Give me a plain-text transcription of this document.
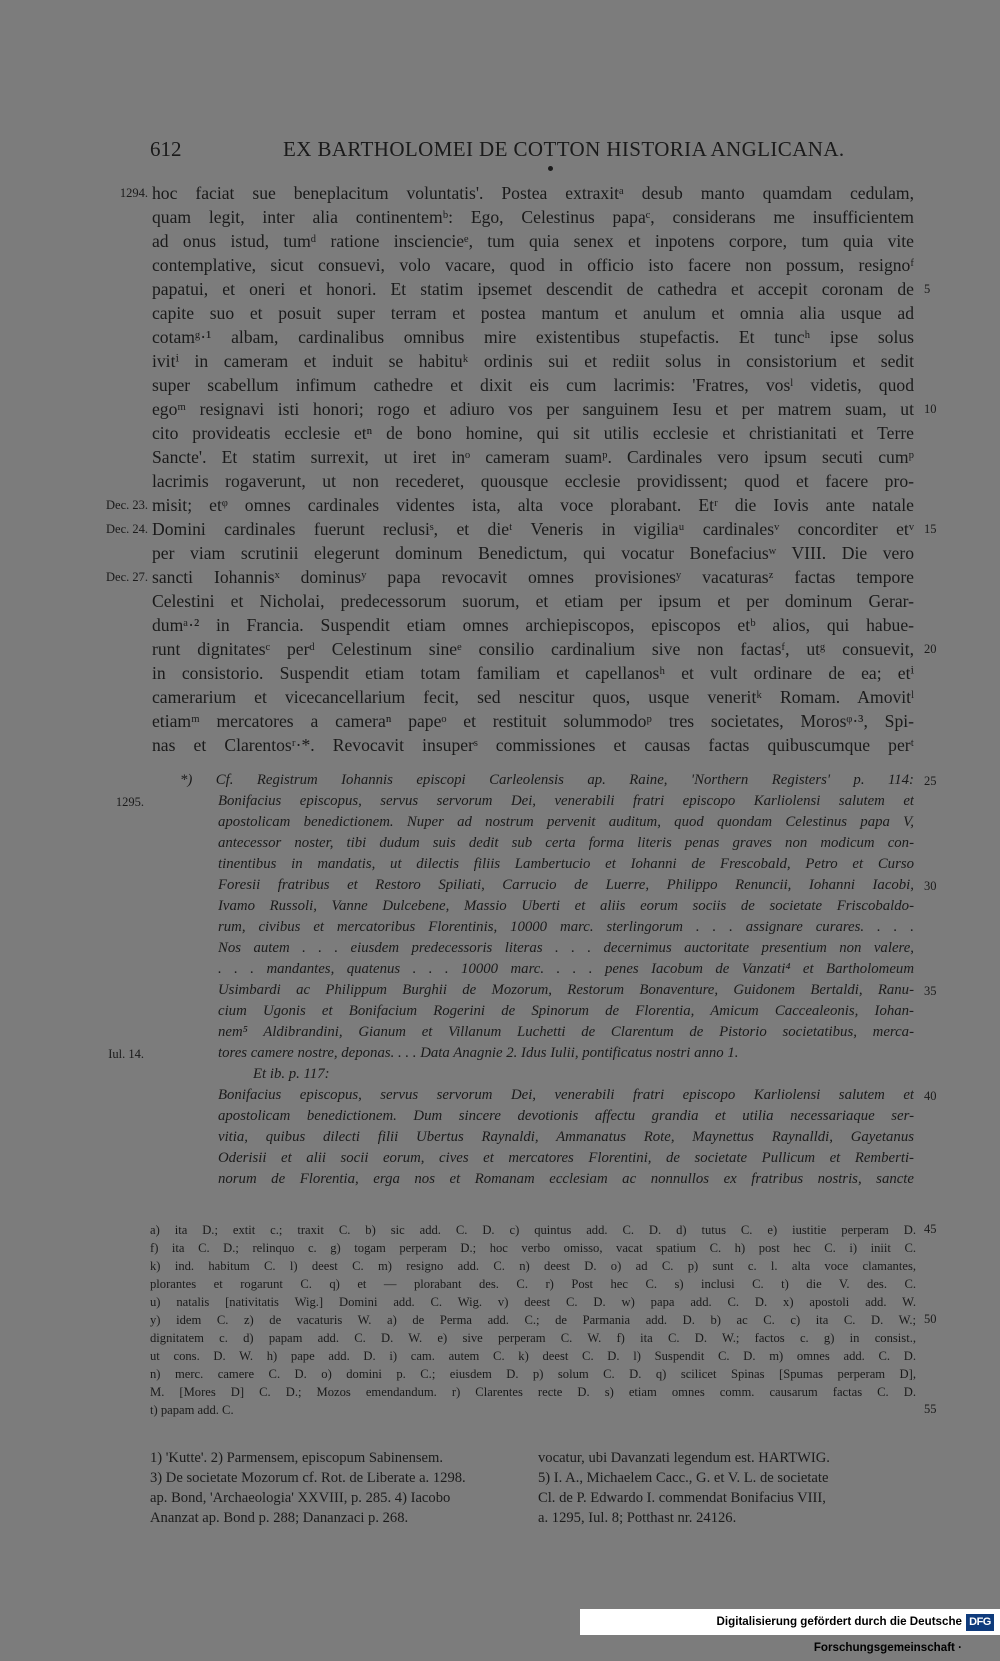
612	EX BARTHOLOMEI DE COTTON HISTORIA ANGLICANA.
hoc faciat sue beneplacitum voluntatis'. Postea extraxitᵃ desub manto quamdam cedulam,
quam legit, inter alia continentemᵇ: Ego, Celestinus papaᶜ, considerans me insufficientem
ad onus istud, tumᵈ ratione insciencieᵉ, tum quia senex et inpotens corpore, tum quia vite
contemplative, sicut consuevi, volo vacare, quod in officio isto facere non possum, resignoᶠ
papatui, et oneri et honori. Et statim ipsemet descendit de cathedra et accepit coronam de
capite suo et posuit super terram et postea mantum et anulum et omnia alia usque ad
cotamᵍ·¹ albam, cardinalibus omnibus mire existentibus stupefactis. Et tuncʰ ipse solus
ivitⁱ in cameram et induit se habituᵏ ordinis sui et rediit solus in consistorium et sedit
super scabellum infimum cathedre et dixit eis cum lacrimis: 'Fratres, vosˡ videtis, quod
egoᵐ resignavi isti honori; rogo et adiuro vos per sanguinem Iesu et per matrem suam, ut
cito provideatis ecclesie etⁿ de bono homine, qui sit utilis ecclesie et christianitati et Terre
Sancte'. Et statim surrexit, ut iret inᵒ cameram suamᵖ. Cardinales vero ipsum secuti cumᵖ
lacrimis rogaverunt, ut non recederet, quousque ecclesie providissent; quod et facere pro-
misit; etᵠ omnes cardinales videntes ista, alta voce plorabant. Etʳ die Iovis ante natale
Domini cardinales fuerunt reclusiˢ, et dieᵗ Veneris in vigiliaᵘ cardinalesᵛ concorditer etᵛ
per viam scrutinii elegerunt dominum Benedictum, qui vocatur Bonefaciusʷ VIII. Die vero
sancti Iohannisˣ dominusʸ papa revocavit omnes provisionesʸ vacaturasᶻ factas tempore
Celestini et Nicholai, predecessorum suorum, et etiam per ipsum et per dominum Gerar-
dumᵃ·² in Francia. Suspendit etiam omnes archiepiscopos, episcopos etᵇ alios, qui habue-
runt dignitatesᶜ perᵈ Celestinum sineᵉ consilio cardinalium sive non factasᶠ, utᵍ consuevit,
in consistorio. Suspendit etiam totam familiam et capellanosʰ et vult ordinare de ea; etⁱ
camerarium et vicecancellarium fecit, sed nescitur quos, usque veneritᵏ Romam. Amovitˡ
etiamᵐ mercatores a cameraⁿ papeᵒ et restituit solummodoᵖ tres societates, Morosᵠ·³, Spi-
nas et Clarentosʳ·*. Revocavit insuperˢ commissiones et causas factas quibuscumque perᵗ
1294.
Dec. 23.
Dec. 24.
Dec. 27.
5
10
15
20
*) Cf. Registrum Iohannis episcopi Carleolensis ap. Raine, 'Northern Registers' p. 114:
Bonifacius episcopus, servus servorum Dei, venerabili fratri episcopo Karliolensi salutem et
apostolicam benedictionem. Nuper ad nostrum pervenit auditum, quod quondam Celestinus papa V,
antecessor noster, tibi dudum suis dedit sub certa forma literis penas graves non modicum con-
tinentibus in mandatis, ut dilectis filiis Lambertucio et Iohanni de Frescobald, Petro et Curso
Foresii fratribus et Restoro Spiliati, Carrucio de Luerre, Philippo Renuncii, Iohanni Iacobi,
Ivamo Russoli, Vanne Dulcebene, Massio Uberti et aliis eorum sociis de societate Friscobaldo-
rum, civibus et mercatoribus Florentinis, 10000 marc. sterlingorum . . . assignare curares. . . .
Nos autem . . . eiusdem predecessoris literas . . . decernimus auctoritate presentium non valere,
. . . mandantes, quatenus . . . 10000 marc. . . . penes Iacobum de Vanzati⁴ et Bartholomeum
Usimbardi ac Philippum Burghii de Mozorum, Restorum Bonaventure, Guidonem Bertaldi, Ranu-
cium Ugonis et Bonifacium Rogerini de Spinorum de Florentia, Amicum Caccealeonis, Iohan-
nem⁵ Aldibrandini, Gianum et Villanum Luchetti de Clarentum de Pistorio societatibus, merca-
tores camere nostre, deponas. . . . Data Anagnie 2. Idus Iulii, pontificatus nostri anno 1.
Et ib. p. 117:
Bonifacius episcopus, servus servorum Dei, venerabili fratri episcopo Karliolensi salutem et
apostolicam benedictionem. Dum sincere devotionis affectu grandia et utilia necessariaque ser-
vitia, quibus dilecti filii Ubertus Raynaldi, Ammanatus Rote, Maynettus Raynalldi, Gayetanus
Oderisii et alii socii eorum, cives et mercatores Florentini, de societate Pullicum et Remberti-
norum de Florentia, erga nos et Romanam ecclesiam ac nonnullos ex fratribus nostris, sancte
1295.
Iul. 14.
25
30
35
40
a) ita D.; extit c.; traxit C. b) sic add. C. D. c) quintus add. C. D. d) tutus C. e) iustitie perperam D.
f) ita C. D.; relinquo c. g) togam perperam D.; hoc verbo omisso, vacat spatium C. h) post hec C. i) iniit C.
k) ind. habitum C. l) deest C. m) resigno add. C. n) deest D. o) ad C. p) sunt c. l. alta voce clamantes,
plorantes et rogarunt C. q) et — plorabant des. C. r) Post hec C. s) inclusi C. t) die V. des. C.
u) natalis [nativitatis Wig.] Domini add. C. Wig. v) deest C. D. w) papa add. C. D. x) apostoli add. W.
y) idem C. z) de vacaturis W. a) de Perma add. C.; de Parmania add. D. b) ac C. c) ita C. D. W.;
dignitatem c. d) papam add. C. D. W. e) sive perperam C. W. f) ita C. D. W.; factos c. g) in consist.,
ut cons. D. W. h) pape add. D. i) cam. autem C. k) deest C. D. l) Suspendit C. D. m) omnes add. C. D.
n) merc. camere C. D. o) domini p. C.; eiusdem D. p) solum C. D. q) scilicet Spinas [Spumas perperam D],
M. [Mores D] C. D.; Mozos emendandum. r) Clarentes recte D. s) etiam omnes comm. causarum factas C. D.
t) papam add. C.
45
50
55
1) 'Kutte'. 2) Parmensem, episcopum Sabinensem.
3) De societate Mozorum cf. Rot. de Liberate a. 1298.
ap. Bond, 'Archaeologia' XXVIII, p. 285. 4) Iacobo
Ananzat ap. Bond p. 288; Dananzaci p. 268.
vocatur, ubi Davanzati legendum est. HARTWIG.
5) I. A., Michaelem Cacc., G. et V. L. de societate
Cl. de P. Edwardo I. commendat Bonifacius VIII,
a. 1295, Iul. 8; Potthast nr. 24126.
Digitalisierung gefördert durch die Deutsche Forschungsgemeinschaft ·
DFG
